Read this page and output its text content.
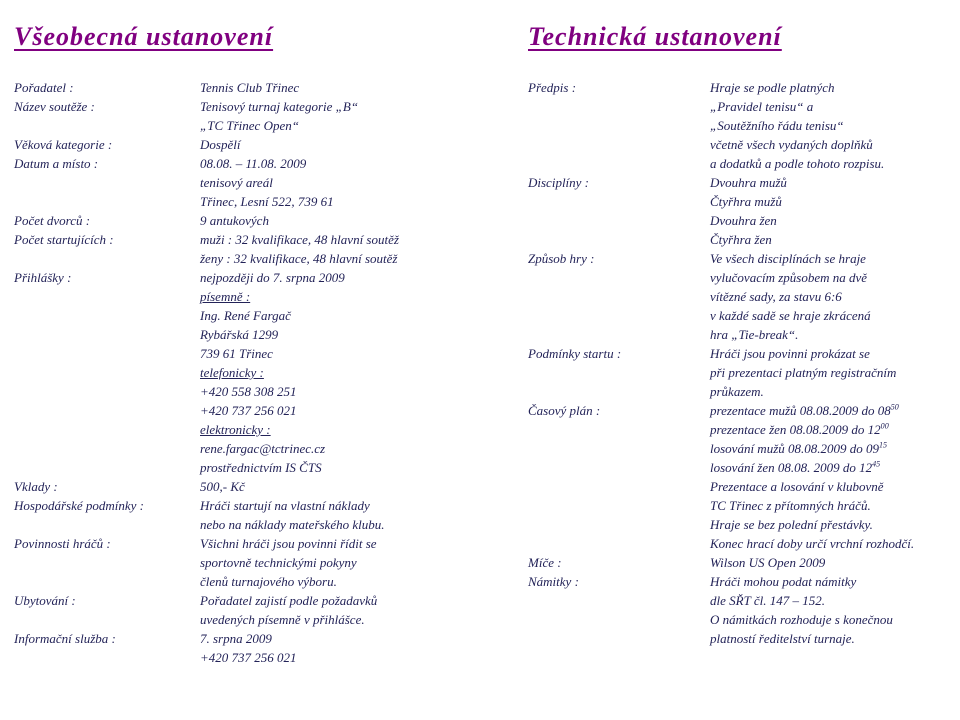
Všeobecná ustanovení
Pořadatel :	Tennis Club Třinec
Název soutěže :	Tenisový turnaj kategorie „B“
„TC Třinec Open“
Věková kategorie :	Dospělí
Datum a místo :	08.08. – 11.08. 2009
tenisový areál
Třinec, Lesní 522, 739 61
Počet dvorců :	9 antukových
Počet startujících :	muži : 32 kvalifikace, 48 hlavní soutěž
ženy : 32 kvalifikace, 48 hlavní soutěž
Přihlášky :	nejpozději do 7. srpna 2009
písemně :
Ing. René Fargač
Rybářská 1299
739 61 Třinec
telefonicky :
+420 558 308 251
+420 737 256 021
elektronicky :
rene.fargac@tctrinec.cz
prostřednictvím IS ČTS
Vklady :	500,- Kč
Hospodářské podmínky :	Hráči startují na vlastní náklady
nebo na náklady mateřského klubu.
Povinnosti hráčů :	Všichni hráči jsou povinni řídit se
sportovně technickými pokyny
členů turnajového výboru.
Ubytování :	Pořadatel zajistí podle požadavků
uvedených písemně v přihlášce.
Informační služba :	7. srpna 2009
+420 737 256 021
Technická ustanovení
Předpis :	Hraje se podle platných
„Pravidel tenisu“ a
„Soutěžního řádu tenisu“
včetně všech vydaných doplňků
a dodatků a podle tohoto rozpisu.
Disciplíny :	Dvouhra mužů
Čtyřhra mužů
Dvouhra žen
Čtyřhra žen
Způsob hry :	Ve všech disciplínách se hraje
vylučovacím způsobem na dvě
vítězné sady, za stavu 6:6
v každé sadě se hraje zkrácená
hra „Tie-break“.
Podmínky startu :	Hráči jsou povinni prokázat se
při prezentaci platným registračním
průkazem.
Časový plán :	prezentace mužů 08.08.2009 do $08^{50}$
prezentace žen 08.08.2009 do $12^{00}$
losování mužů 08.08.2009 do $09^{15}$
losování žen 08.08. 2009 do $12^{45}$
Prezentace a losování v klubovně
TC Třinec z přítomných hráčů.
Hraje se bez polední přestávky.
Konec hrací doby určí vrchní rozhodčí.
Míče :	Wilson US Open 2009
Námitky :	Hráči mohou podat námitky
dle SŘT čl. 147 – 152.
O námitkách rozhoduje s konečnou
platností ředitelství turnaje.
